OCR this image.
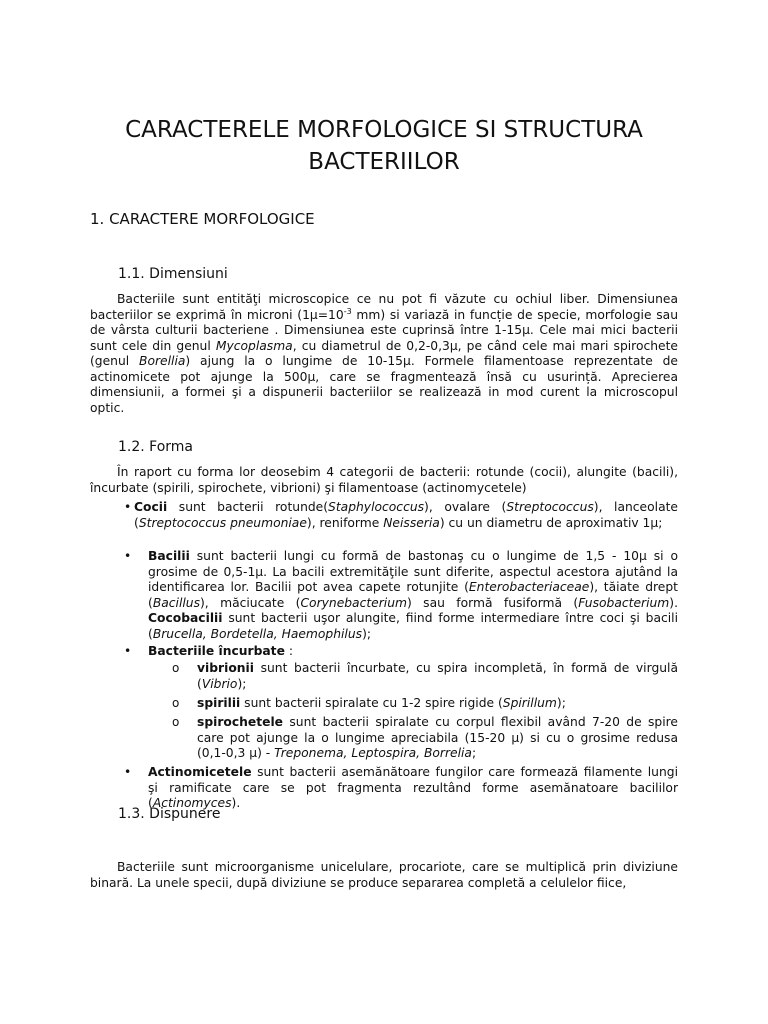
CARACTERELE MORFOLOGICE SI STRUCTURA BACTERIILOR
1. CARACTERE MORFOLOGICE
1.1. Dimensiuni

Bacteriile sunt entităţi microscopice ce nu pot fi văzute cu ochiul liber. Dimensiunea bacteriilor se exprimă în microni ($1\mu=10^{-3}$ mm) si variază in funcție de specie, morfologie sau de vârsta culturii bacteriene . Dimensiunea este cuprinsă între 1-15μ. Cele mai mici bacterii sunt cele din genul Mycoplasma, cu diametrul de 0,2-0,3μ, pe când cele mai mari spirochete (genul Borellia) ajung la o lungime de 10-15μ. Formele filamentoase reprezentate de actinomicete pot ajunge la 500μ, care se fragmentează însă cu usurință. Aprecierea dimensiunii, a formei şi a dispunerii bacteriilor se realizează in mod curent la microscopul optic.

1.2. Forma

În raport cu forma lor deosebim 4 categorii de bacterii: rotunde (cocii), alungite (bacili), încurbate (spirili, spirochete, vibrioni) şi filamentoase (actinomycetele)

• Cocii sunt bacterii rotunde(Staphylococcus), ovalare (Streptococcus), lanceolate (Streptococcus pneumoniae), reniforme Neisseria) cu un diametru de aproximativ 1μ;
•	Bacilii sunt bacterii lungi cu formă de bastonaş cu o lungime de 1,5 - 10μ si o grosime de 0,5-1μ. La bacili extremităţile sunt diferite, aspectul acestora ajutând la identificarea lor. Bacilii pot avea capete rotunjite (Enterobacteriaceae), tăiate drept (Bacillus), măciucate (Corynebacterium) sau formă fusiformă (Fusobacterium). Cocobacilii sunt bacterii uşor alungite, fiind forme intermediare între coci şi bacili (Brucella, Bordetella, Haemophilus);
•	Bacteriile încurbate :
o vibrionii sunt bacterii încurbate, cu spira incompletă, în formă de virgulă (Vibrio);
o spirilii sunt bacterii spiralate cu 1-2 spire rigide (Spirillum);
o spirochetele sunt bacterii spiralate cu corpul flexibil având 7-20 de spire care pot ajunge la o lungime apreciabila (15-20 μ) si cu o grosime redusa (0,1-0,3 μ) - Treponema, Leptospira, Borrelia;
•	Actinomicetele sunt bacterii asemănătoare fungilor care formează filamente lungi şi ramificate care se pot fragmenta rezultând forme asemănatoare bacililor (Actinomyces).
1.3. Dispunere

Bacteriile sunt microorganisme unicelulare, procariote, care se multiplică prin diviziune binară. La unele specii, după diviziune se produce separarea completă a celulelor fiice,
